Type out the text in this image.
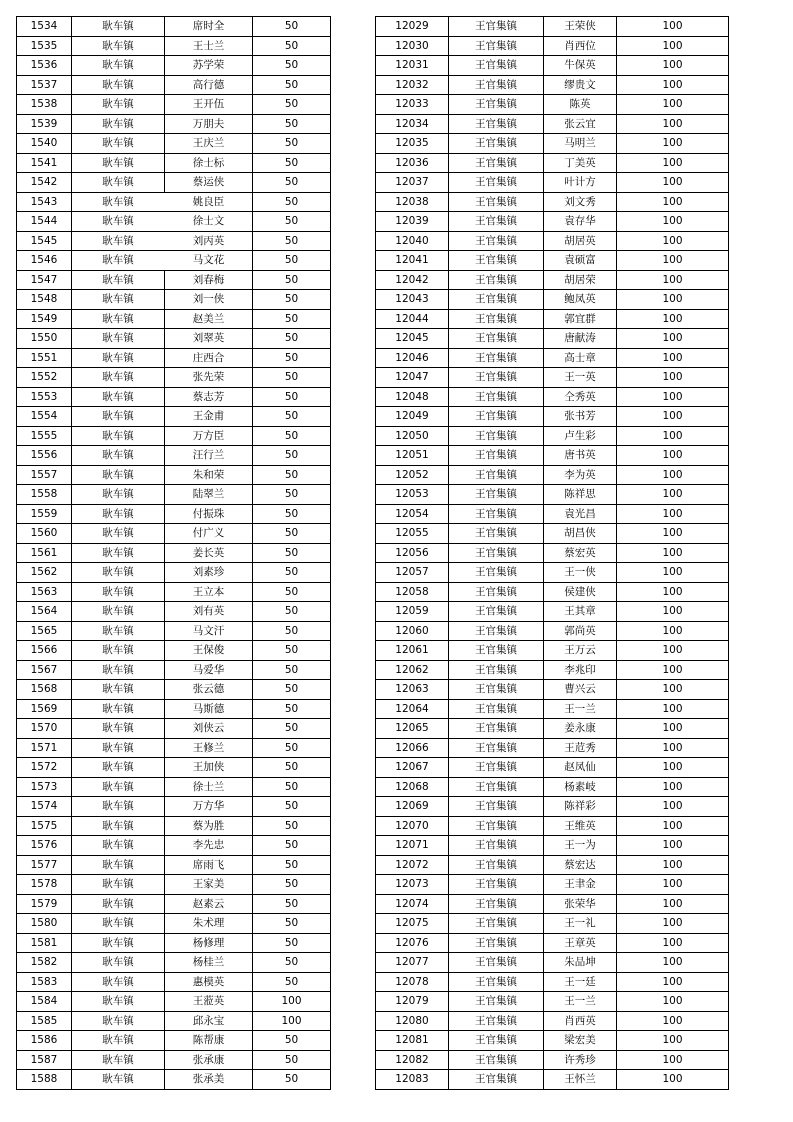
1534	耿车镇	席时全	50
1535	耿车镇	王士兰	50
1536	耿车镇	苏学荣	50
1537	耿车镇	高行德	50
1538	耿车镇	王开伍	50
1539	耿车镇	万朋夫	50
1540	耿车镇	王庆兰	50
1541	耿车镇	徐士标	50
1542	耿车镇	蔡运侠	50
1543	耿车镇	姚良臣	50
1544	耿车镇	徐士文	50
1545	耿车镇	刘丙英	50
1546	耿车镇	马文花	50
1547	耿车镇	刘春梅	50
1548	耿车镇	刘一侠	50
1549	耿车镇	赵美兰	50
1550	耿车镇	刘翠英	50
1551	耿车镇	庄西合	50
1552	耿车镇	张先荣	50
1553	耿车镇	蔡志芳	50
1554	耿车镇	王金甫	50
1555	耿车镇	万方臣	50
1556	耿车镇	汪行兰	50
1557	耿车镇	朱和荣	50
1558	耿车镇	陆翠兰	50
1559	耿车镇	付振珠	50
1560	耿车镇	付广义	50
1561	耿车镇	姜长英	50
1562	耿车镇	刘素珍	50
1563	耿车镇	王立本	50
1564	耿车镇	刘有英	50
1565	耿车镇	马文汗	50
1566	耿车镇	王保俊	50
1567	耿车镇	马爱华	50
1568	耿车镇	张云德	50
1569	耿车镇	马斯德	50
1570	耿车镇	刘侠云	50
1571	耿车镇	王修兰	50
1572	耿车镇	王加侠	50
1573	耿车镇	徐士兰	50
1574	耿车镇	万方华	50
1575	耿车镇	蔡为胜	50
1576	耿车镇	李先忠	50
1577	耿车镇	席雨飞	50
1578	耿车镇	王家美	50
1579	耿车镇	赵素云	50
1580	耿车镇	朱术理	50
1581	耿车镇	杨修理	50
1582	耿车镇	杨桂兰	50
1583	耿车镇	惠模英	50
1584	耿车镇	王蒞英	100
1585	耿车镇	邱永宝	100
1586	耿车镇	陈帮康	50
1587	耿车镇	张承康	50
1588	耿车镇	张承美	50
12029	王官集镇	王荣侠	100
12030	王官集镇	肖西位	100
12031	王官集镇	牛保英	100
12032	王官集镇	缪贵文	100
12033	王官集镇	陈英	100
12034	王官集镇	张云宜	100
12035	王官集镇	马明兰	100
12036	王官集镇	丁美英	100
12037	王官集镇	叶计方	100
12038	王官集镇	刘文秀	100
12039	王官集镇	袁存华	100
12040	王官集镇	胡居英	100
12041	王官集镇	袁硕富	100
12042	王官集镇	胡居荣	100
12043	王官集镇	鲍凤英	100
12044	王官集镇	郭宜群	100
12045	王官集镇	唐献涛	100
12046	王官集镇	高士章	100
12047	王官集镇	王一英	100
12048	王官集镇	仝秀英	100
12049	王官集镇	张书芳	100
12050	王官集镇	卢生彩	100
12051	王官集镇	唐书英	100
12052	王官集镇	李为英	100
12053	王官集镇	陈祥思	100
12054	王官集镇	袁光昌	100
12055	王官集镇	胡昌侠	100
12056	王官集镇	蔡宏英	100
12057	王官集镇	王一侠	100
12058	王官集镇	侯建侠	100
12059	王官集镇	王其章	100
12060	王官集镇	郭尚英	100
12061	王官集镇	王万云	100
12062	王官集镇	李兆印	100
12063	王官集镇	曹兴云	100
12064	王官集镇	王一兰	100
12065	王官集镇	姜永康	100
12066	王官集镇	王苊秀	100
12067	王官集镇	赵凤仙	100
12068	王官集镇	杨素岐	100
12069	王官集镇	陈祥彩	100
12070	王官集镇	王维英	100
12071	王官集镇	王一为	100
12072	王官集镇	蔡宏达	100
12073	王官集镇	王聿金	100
12074	王官集镇	张荣华	100
12075	王官集镇	王一礼	100
12076	王官集镇	王章英	100
12077	王官集镇	朱品坤	100
12078	王官集镇	王一廷	100
12079	王官集镇	王一兰	100
12080	王官集镇	肖西英	100
12081	王官集镇	梁宏美	100
12082	王官集镇	许秀珍	100
12083	王官集镇	王怀兰	100
